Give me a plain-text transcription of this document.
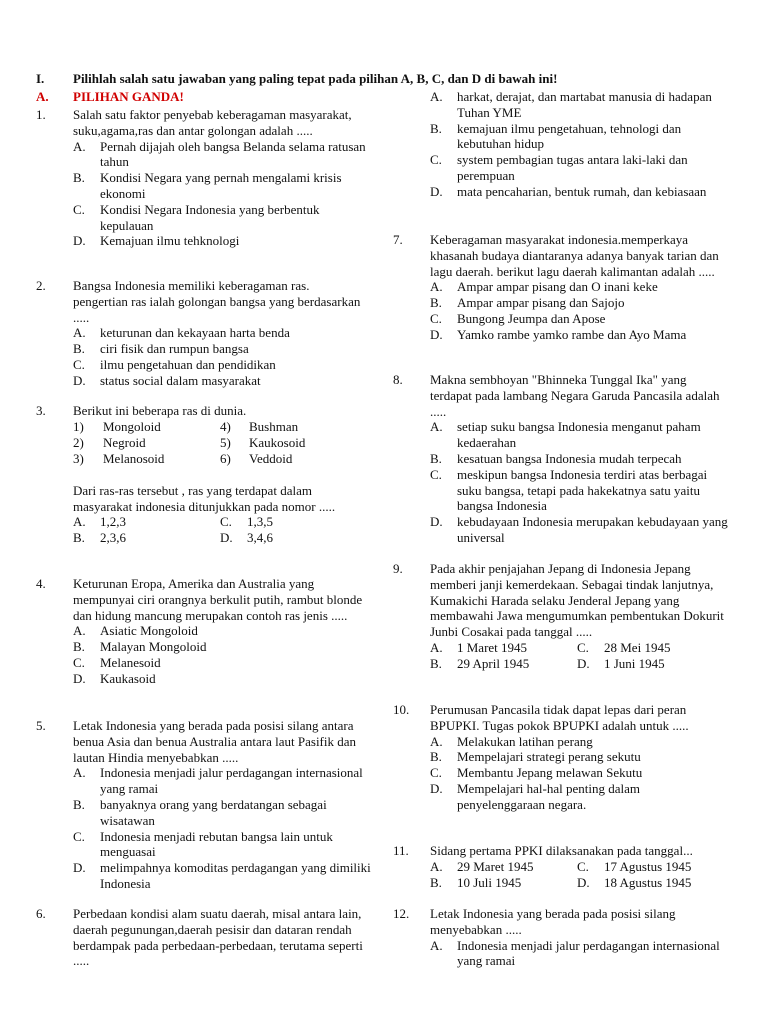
I. Pilihlah salah satu jawaban yang paling tepat pada pilihan A, B, C, dan D di bawah ini!
A. PILIHAN GANDA!
1. Salah satu faktor penyebab keberagaman masyarakat, suku,agama,ras dan antar golongan adalah .....

A. Pernah dijajah oleh bangsa Belanda selama ratusan tahun
B. Kondisi Negara yang pernah mengalami krisis ekonomi
C. Kondisi Negara Indonesia yang berbentuk kepulauan
D. Kemajuan ilmu tehknologi
2. Bangsa Indonesia memiliki keberagaman ras. pengertian ras ialah golongan bangsa yang berdasarkan .....

A. keturunan dan kekayaan harta benda
B. ciri fisik dan rumpun bangsa
C. ilmu pengetahuan dan pendidikan
D. status social dalam masyarakat
3. Berikut ini beberapa ras di dunia.

1) Mongoloid	4) Bushman
2) Negroid	5) Kaukosoid
3) Melanosoid	6) Veddoid

Dari ras-ras tersebut , ras yang terdapat dalam masyarakat indonesia ditunjukkan pada nomor .....

A. 1,2,3	C. 1,3,5
B. 2,3,6	D. 3,4,6
4. Keturunan Eropa, Amerika dan Australia yang mempunyai ciri orangnya berkulit putih, rambut blonde dan hidung mancung merupakan contoh ras jenis .....

A. Asiatic Mongoloid
B. Malayan Mongoloid
C. Melanesoid
D. Kaukasoid
5. Letak Indonesia yang berada pada posisi silang antara benua Asia dan benua Australia antara laut Pasifik dan lautan Hindia menyebabkan .....

A. Indonesia menjadi jalur perdagangan internasional yang ramai
B. banyaknya orang yang berdatangan sebagai wisatawan
C. Indonesia menjadi rebutan bangsa lain untuk menguasai
D. melimpahnya komoditas perdagangan yang dimiliki Indonesia
A. harkat, derajat, dan martabat manusia di hadapan Tuhan YME
B. kemajuan ilmu pengetahuan, tehnologi dan kebutuhan hidup
C. system pembagian tugas antara laki-laki dan perempuan
D. mata pencaharian, bentuk rumah, dan kebiasaan
6. Perbedaan kondisi alam suatu daerah, misal antara lain, daerah pegunungan,daerah pesisir dan dataran rendah berdampak pada perbedaan-perbedaan, terutama seperti .....

7. Keberagaman masyarakat indonesia.memperkaya khasanah budaya diantaranya adanya banyak tarian dan lagu daerah. berikut lagu daerah kalimantan adalah .....

A. Ampar ampar pisang dan O inani keke
B. Ampar ampar pisang dan Sajojo
C. Bungong Jeumpa dan Apose
D. Yamko rambe yamko rambe dan Ayo Mama
8. Makna sembhoyan "Bhinneka Tunggal Ika" yang terdapat pada lambang Negara Garuda Pancasila adalah .....

A. setiap suku bangsa Indonesia menganut paham kedaerahan
B. kesatuan bangsa Indonesia mudah terpecah
C. meskipun bangsa Indonesia terdiri atas berbagai suku bangsa, tetapi pada hakekatnya satu yaitu bangsa Indonesia
D. kebudayaan Indonesia merupakan kebudayaan yang universal
9. Pada akhir penjajahan Jepang di Indonesia Jepang memberi janji kemerdekaan. Sebagai tindak lanjutnya, Kumakichi Harada selaku Jenderal Jepang yang membawahi Jawa mengumumkan pembentukan Dokurit Junbi Cosakai pada tanggal .....

A. 1 Maret 1945	C. 28 Mei 1945
B. 29 April 1945	D. 1 Juni 1945
10. Perumusan Pancasila tidak dapat lepas dari peran BPUPKI. Tugas pokok BPUPKI adalah untuk .....

A. Melakukan latihan perang
B. Mempelajari strategi perang sekutu
C. Membantu Jepang melawan Sekutu
D. Mempelajari hal-hal penting dalam penyelenggaraan negara.
11. Sidang pertama PPKI dilaksanakan pada tanggal...

A. 29 Maret 1945	C. 17 Agustus 1945
B. 10 Juli 1945	D. 18 Agustus 1945
12. Letak Indonesia yang berada pada posisi silang menyebabkan .....

A. Indonesia menjadi jalur perdagangan internasional yang ramai
